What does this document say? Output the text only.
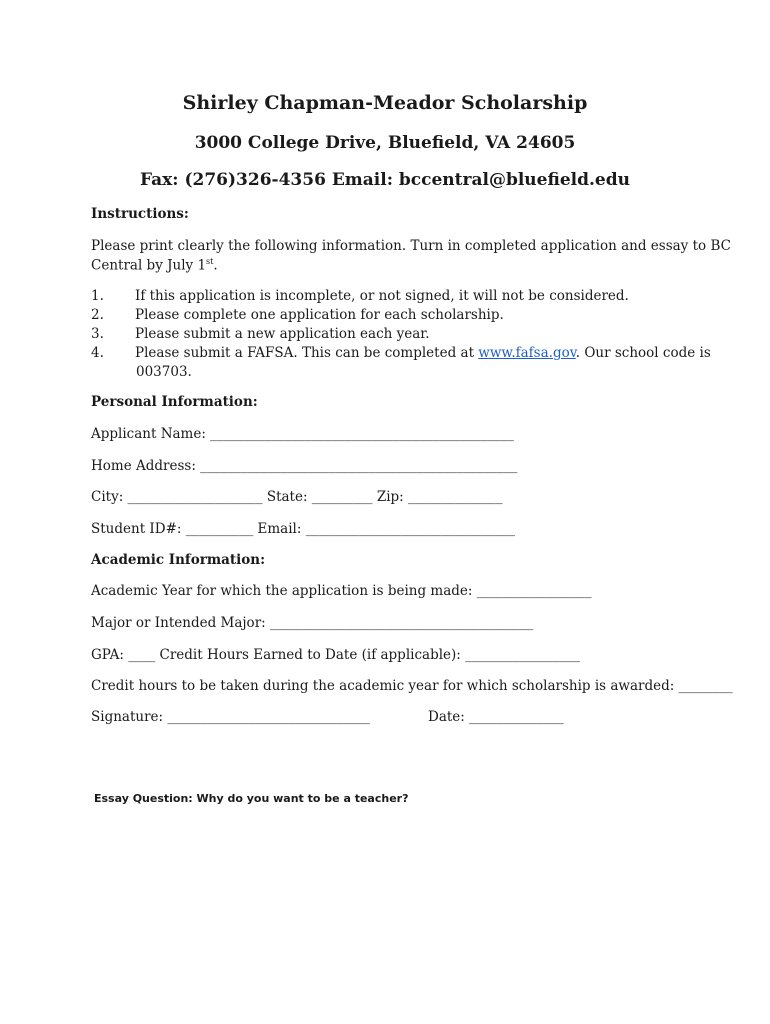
Shirley Chapman-Meador Scholarship
3000 College Drive, Bluefield, VA 24605
Fax: (276)326-4356 Email: bccentral@bluefield.edu
Instructions:
Please print clearly the following information. Turn in completed application and essay to BC
Central by July 1st.
1. If this application is incomplete, or not signed, it will not be considered.
2. Please complete one application for each scholarship.
3. Please submit a new application each year.
4. Please submit a FAFSA. This can be completed at www.fafsa.gov. Our school code is
003703.
Personal Information:
Applicant Name: _____________________________________________
Home Address: _______________________________________________
City: ____________________ State: _________ Zip: ______________
Student ID#: __________ Email: _______________________________
Academic Information:
Academic Year for which the application is being made: _________________
Major or Intended Major: _______________________________________
GPA: ____ Credit Hours Earned to Date (if applicable): _________________
Credit hours to be taken during the academic year for which scholarship is awarded: ________
Signature: ______________________________	Date: ______________
Essay Question: Why do you want to be a teacher?
